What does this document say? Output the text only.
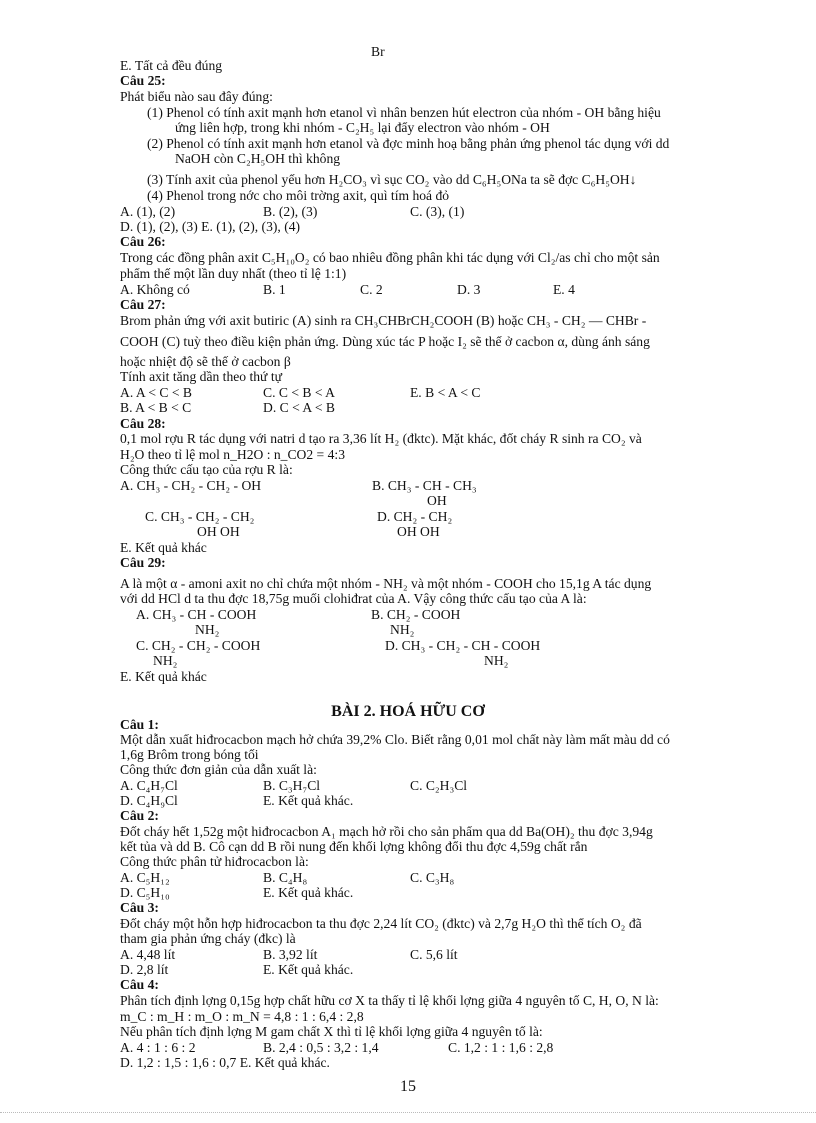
Br
E. Tất cả đều đúng
Câu 25:
Phát biểu nào sau đây đúng:
(1) Phenol có tính axit mạnh hơn etanol vì nhân benzen hút electron của nhóm - OH bằng hiệu
ứng liên hợp, trong khi nhóm - C₂H₅ lại đẩy electron vào nhóm - OH
(2) Phenol có tính axit mạnh hơn etanol và đợc minh hoạ bằng phản ứng phenol tác dụng với dd
NaOH còn C₂H₅OH thì không
(3) Tính axit của phenol yếu hơn H₂CO₃ vì sục CO₂ vào dd C₆H₅ONa ta sẽ đợc C₆H₅OH↓
(4) Phenol trong nớc cho môi trờng axit, quì tím hoá đỏ
A. (1), (2)	B. (2), (3)	C. (3), (1)
D. (1), (2), (3) E. (1), (2), (3), (4)
Câu 26:
Trong các đồng phân axit C₅H₁₀O₂ có bao nhiêu đồng phân khi tác dụng với Cl₂/as chỉ cho một sản
phẩm thế một lần duy nhất (theo tỉ lệ 1:1)
A. Không có	B. 1	C. 2	D. 3	E. 4
Câu 27:
Brom phản ứng với axit butiric (A) sinh ra CH₃CHBrCH₂COOH (B) hoặc CH₃ - CH₂ — CHBr -
COOH (C) tuỳ theo điều kiện phản ứng. Dùng xúc tác P hoặc I₂ sẽ thế ở cacbon α, dùng ánh sáng
hoặc nhiệt độ sẽ thế ở cacbon β
Tính axit tăng dần theo thứ tự
A. A < C < B	C. C < B < A	E. B < A < C
B. A < B < C	D. C < A < B
Câu 28:
0,1 mol rợu R tác dụng với natri d tạo ra 3,36 lít H₂ (đktc). Mặt khác, đốt cháy R sinh ra CO₂ và
H₂O theo tỉ lệ mol n_H2O : n_CO2 = 4:3
Công thức cấu tạo của rợu R là:
A. CH₃ - CH₂ - CH₂ - OH	B. CH₃ - CH - CH₃
OH
C. CH₃ - CH₂ - CH₂	D. CH₂ - CH₂
OH OH	OH OH
E. Kết quả khác
Câu 29:
A là một α - amoni axit no chỉ chứa một nhóm - NH₂ và một nhóm - COOH cho 15,1g A tác dụng
với dd HCl d ta thu đợc 18,75g muối clohiđrat của A. Vậy công thức cấu tạo của A là:
A. CH₃ - CH - COOH	B. CH₂ - COOH
NH₂	NH₂
C. CH₂ - CH₂ - COOH	D. CH₃ - CH₂ - CH - COOH
NH₂	NH₂
E. Kết quả khác
Câu 1:
Một dẫn xuất hiđrocacbon mạch hở chứa 39,2% Clo. Biết rằng 0,01 mol chất này làm mất màu dd có
1,6g Brôm trong bóng tối
Công thức đơn giản của dẫn xuất là:
A. C₄H₇Cl	B. C₃H₇Cl	C. C₂H₃Cl
D. C₄H₉Cl	E. Kết quả khác.
Câu 2:
Đốt cháy hết 1,52g một hiđrocacbon A₁ mạch hở rồi cho sản phẩm qua dd Ba(OH)₂ thu đợc 3,94g
kết tủa và dd B. Cô cạn dd B rồi nung đến khối lợng không đổi thu đợc 4,59g chất rắn
Công thức phân tử hiđrocacbon là:
A. C₅H₁₂	B. C₄H₈	C. C₃H₈
D. C₅H₁₀	E. Kết quả khác.
Câu 3:
Đốt cháy một hỗn hợp hiđrocacbon ta thu đợc 2,24 lít CO₂ (đktc) và 2,7g H₂O thì thể tích O₂ đã
tham gia phản ứng cháy (đkc) là
A. 4,48 lít	B. 3,92 lít	C. 5,6 lít
D. 2,8 lít	E. Kết quả khác.
Câu 4:
Phân tích định lợng 0,15g hợp chất hữu cơ X ta thấy tỉ lệ khối lợng giữa 4 nguyên tố C, H, O, N là:
m_C : m_H : m_O : m_N = 4,8 : 1 : 6,4 : 2,8
Nếu phân tích định lợng M gam chất X thì tỉ lệ khối lợng giữa 4 nguyên tố là:
A. 4 : 1 : 6 : 2	B. 2,4 : 0,5 : 3,2 : 1,4	C. 1,2 : 1 : 1,6 : 2,8
D. 1,2 : 1,5 : 1,6 : 0,7 E. Kết quả khác.
BÀI 2. HOÁ HỮU CƠ
15
